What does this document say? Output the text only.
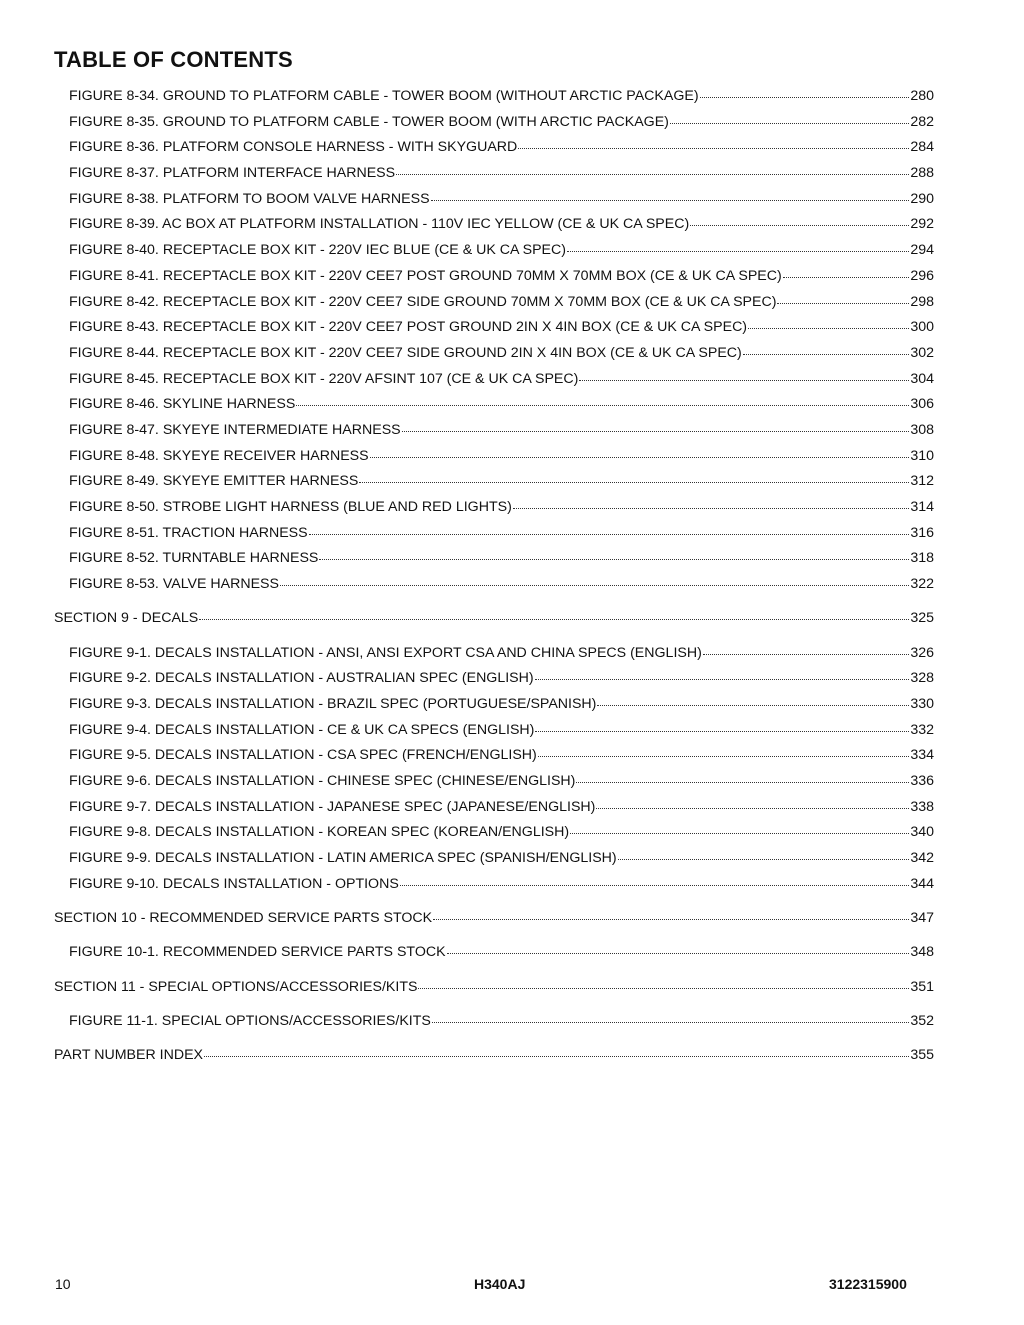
TABLE OF CONTENTS
FIGURE 8-34. GROUND TO PLATFORM CABLE - TOWER BOOM (WITHOUT ARCTIC PACKAGE)	280
FIGURE 8-35. GROUND TO PLATFORM CABLE - TOWER BOOM (WITH ARCTIC PACKAGE)	282
FIGURE 8-36. PLATFORM CONSOLE HARNESS - WITH SKYGUARD	284
FIGURE 8-37. PLATFORM INTERFACE HARNESS	288
FIGURE 8-38. PLATFORM TO BOOM VALVE HARNESS	290
FIGURE 8-39. AC BOX AT PLATFORM INSTALLATION - 110V IEC YELLOW (CE & UK CA SPEC)	292
FIGURE 8-40. RECEPTACLE BOX KIT - 220V IEC BLUE (CE & UK CA SPEC)	294
FIGURE 8-41. RECEPTACLE BOX KIT - 220V CEE7 POST GROUND 70MM X 70MM BOX (CE & UK CA SPEC)	296
FIGURE 8-42. RECEPTACLE BOX KIT - 220V CEE7 SIDE GROUND 70MM X 70MM BOX (CE & UK CA SPEC)	298
FIGURE 8-43. RECEPTACLE BOX KIT - 220V CEE7 POST GROUND 2IN X 4IN BOX (CE & UK CA SPEC)	300
FIGURE 8-44. RECEPTACLE BOX KIT - 220V CEE7 SIDE GROUND 2IN X 4IN BOX (CE & UK CA SPEC)	302
FIGURE 8-45. RECEPTACLE BOX KIT - 220V AFSINT 107 (CE & UK CA SPEC)	304
FIGURE 8-46. SKYLINE HARNESS	306
FIGURE 8-47. SKYEYE INTERMEDIATE HARNESS	308
FIGURE 8-48. SKYEYE RECEIVER HARNESS	310
FIGURE 8-49. SKYEYE EMITTER HARNESS	312
FIGURE 8-50. STROBE LIGHT HARNESS (BLUE AND RED LIGHTS)	314
FIGURE 8-51. TRACTION HARNESS	316
FIGURE 8-52. TURNTABLE HARNESS	318
FIGURE 8-53. VALVE HARNESS	322
SECTION 9 - DECALS	325
FIGURE 9-1. DECALS INSTALLATION ‐ ANSI, ANSI EXPORT CSA AND CHINA SPECS (ENGLISH)	326
FIGURE 9-2. DECALS INSTALLATION - AUSTRALIAN SPEC (ENGLISH)	328
FIGURE 9-3. DECALS INSTALLATION - BRAZIL SPEC (PORTUGUESE/SPANISH)	330
FIGURE 9-4. DECALS INSTALLATION - CE & UK CA SPECS (ENGLISH)	332
FIGURE 9-5. DECALS INSTALLATION - CSA SPEC (FRENCH/ENGLISH)	334
FIGURE 9-6. DECALS INSTALLATION - CHINESE SPEC (CHINESE/ENGLISH)	336
FIGURE 9-7. DECALS INSTALLATION - JAPANESE SPEC (JAPANESE/ENGLISH)	338
FIGURE 9-8. DECALS INSTALLATION - KOREAN SPEC (KOREAN/ENGLISH)	340
FIGURE 9-9. DECALS INSTALLATION - LATIN AMERICA SPEC (SPANISH/ENGLISH)	342
FIGURE 9-10. DECALS INSTALLATION - OPTIONS	344
SECTION 10 - RECOMMENDED SERVICE PARTS STOCK	347
FIGURE 10-1. RECOMMENDED SERVICE PARTS STOCK	348
SECTION 11 - SPECIAL OPTIONS/ACCESSORIES/KITS	351
FIGURE 11-1. SPECIAL OPTIONS/ACCESSORIES/KITS	352
PART NUMBER INDEX	355
10	H340AJ	3122315900
